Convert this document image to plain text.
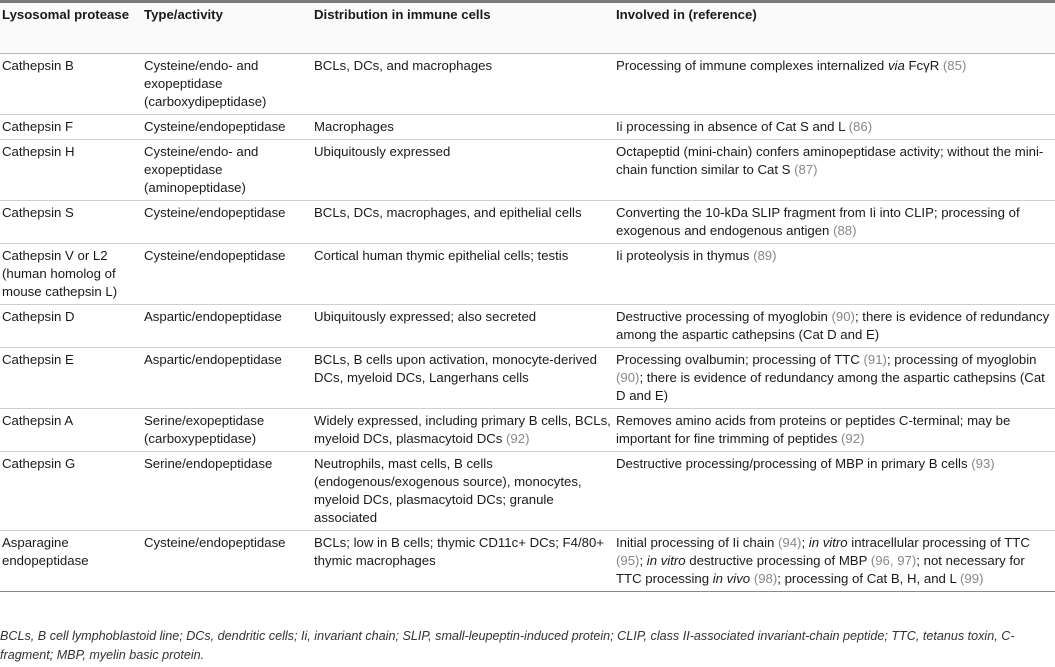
Lysosomal protease	Type/activity	Distribution in immune cells	Involved in (reference)
Cathepsin B	Cysteine/endo- and exopeptidase (carboxydipeptidase)	BCLs, DCs, and macrophages	Processing of immune complexes internalized via FcγR (85)
Cathepsin F	Cysteine/endopeptidase	Macrophages	Ii processing in absence of Cat S and L (86)
Cathepsin H	Cysteine/endo- and exopeptidase (aminopeptidase)	Ubiquitously expressed	Octapeptid (mini-chain) confers aminopeptidase activity; without the mini-chain function similar to Cat S (87)
Cathepsin S	Cysteine/endopeptidase	BCLs, DCs, macrophages, and epithelial cells	Converting the 10-kDa SLIP fragment from Ii into CLIP; processing of exogenous and endogenous antigen (88)
Cathepsin V or L2 (human homolog of mouse cathepsin L)	Cysteine/endopeptidase	Cortical human thymic epithelial cells; testis	Ii proteolysis in thymus (89)
Cathepsin D	Aspartic/endopeptidase	Ubiquitously expressed; also secreted	Destructive processing of myoglobin (90); there is evidence of redundancy among the aspartic cathepsins (Cat D and E)
Cathepsin E	Aspartic/endopeptidase	BCLs, B cells upon activation, monocyte-derived DCs, myeloid DCs, Langerhans cells	Processing ovalbumin; processing of TTC (91); processing of myoglobin (90); there is evidence of redundancy among the aspartic cathepsins (Cat D and E)
Cathepsin A	Serine/exopeptidase (carboxypeptidase)	Widely expressed, including primary B cells, BCLs, myeloid DCs, plasmacytoid DCs (92)	Removes amino acids from proteins or peptides C-terminal; may be important for fine trimming of peptides (92)
Cathepsin G	Serine/endopeptidase	Neutrophils, mast cells, B cells (endogenous/exogenous source), monocytes, myeloid DCs, plasmacytoid DCs; granule associated	Destructive processing/processing of MBP in primary B cells (93)
Asparagine endopeptidase	Cysteine/endopeptidase	BCLs; low in B cells; thymic CD11c+ DCs; F4/80+ thymic macrophages	Initial processing of Ii chain (94); in vitro intracellular processing of TTC (95); in vitro destructive processing of MBP (96, 97); not necessary for TTC processing in vivo (98); processing of Cat B, H, and L (99)
BCLs, B cell lymphoblastoid line; DCs, dendritic cells; Ii, invariant chain; SLIP, small-leupeptin-induced protein; CLIP, class II-associated invariant-chain peptide; TTC, tetanus toxin, C-fragment; MBP, myelin basic protein.
